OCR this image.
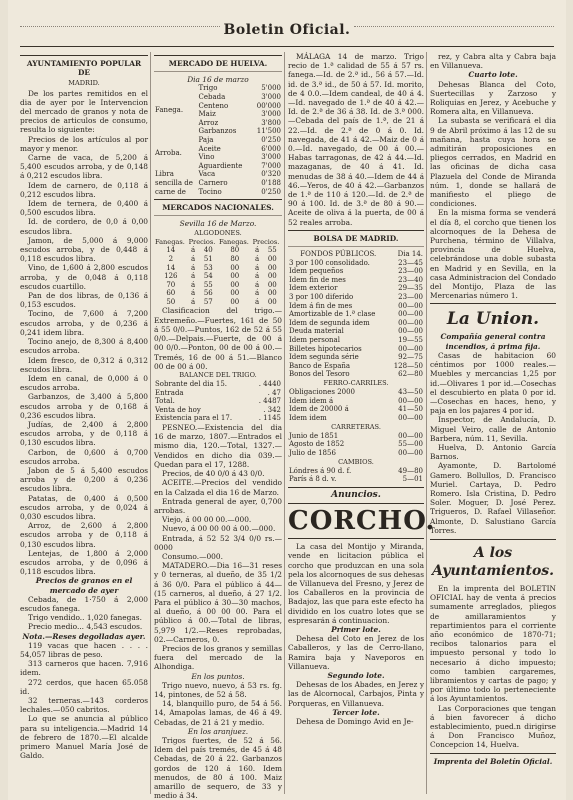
Boletin Oficial.

AYUNTAMIENTO POPULAR DE

MADRID.

De los partes remitidos en el dia de ayer por le Intervencion del mercado de granos y nota de precios de articulos de consumo, resulta lo siguiente:

Precios de los artículos al por mayor y menor.

Carne de vaca, de 5,200 á 5,400 escudos arroba, y de 0,148 á 0,212 escudos libra.

Idem de carnero, de 0,118 á 0,212 escudos libra.

Idem de ternera, de 0,400 á 0,500 escudos libra.

Id. de cordero, de 0,0 á 0,00 escudos libra.

Jamon, de 5,000 á 9,000 escudos arroba, y de 0,448 á 0,118 escudos libra.

Vino, de 1,600 á 2,800 escudos arroba, y de 0,048 á 0,118 escudos cuartillo.

Pan de dos libras, de 0,136 á 0,153 escudos.

Tocino, de 7,600 á 7,200 escudos arroba, y de 0,236 á 0,241 idem libra.

Tocino anejo, de 8,300 á 8,400 escudos arroba.

Idem fresco, de 0,312 á 0,312 escudos libra.

Idem en canal, de 0,000 á 0 escudos arroba.

Garbanzos, de 3,400 á 5,800 escudos arroba y de 0,168 á 0,236 escudos libra.

Judías, de 2,400 á 2,800 escudos arroba, y de 0,118 á 0,130 escudos libra.

Carbon, de 0,600 á 0,700 escudos arroba.

Jabon de 5 á 5,400 escudos arroba y de 0,200 á 0,236 escudos libra.

Patatas, de 0,400 á 0,500 escudos arroba, y de 0,024 á 0,030 escudos libra.

Arroz, de 2,600 á 2,800 escudos arroba y de 0,118 á 0,130 escudos libra.

Lentejas, de 1,800 á 2,000 escudos arroba, y de 0,096 á 0,118 escudos libra.

Precios de granos en el mercado de ayer

Cebada, de 1·750 á 2,000 escudos fanega.

Trigo vendido.. 1,020 fanegas.

Precio medio... 4,543 escudos.

Nota.—Reses degolladas ayer.

119 vacas que hacen . . . . 54,057 libras de peso.

313 carneros que hacen. 7,916 idem.

272 cerdos, que hacen 65.058 id.

32 terneras.—143 corderos lechales.—050 cabritos.

Lo que se anuncia al público para su inteligencia.—Madrid 14 de febrero de 1870.—El alcalde primero Manuel María José de Galdo.

MERCADO DE HUELVA.

Dia 16 de marzo

Fanega.	Trigo	5'000
	Cebada	3'000
	Centeno	00'000
	Maiz	3'000
	Arroz	3'800
	Garbanzos	11'500
Arroba.	Paja	0'250
	Aceite	6'000
	Vino	3'000
	Aguardiente	7'000
Libra sencilla de carne de	Vaca	0'320
	Carnero	0'188
	Tocino	0'250

MERCADOS NACIONALES.

Sevilla 16 de Marzo.

ALGODONES.

Fanegas.	Precios.		Fanegas.	Precios.	
14	á	40	80	á	55
2	á	51	80	á	00
14	á	53	00	á	00
126	á	54	00	á	00
70	á	55	00	á	00
60	á	56	00	á	00
50	á	57	00	á	00

Clasificacion del trigo.—Extremeño.—Fuertes, 161 de 50 á 55 0/0.—Puntos, 162 de 52 á 55 0/0.—Delpais.—Fuerte, de 00 á 00 0/0.—Ponton, 00 de 00 á 00.—Tremés, 16 de 00 á 51.—Blanco 00 de 00 á 00.

BALANCE DEL TRIGO.

Sobrante del dia 15.	. 4440
Entrada	. 47
Total.	. 4487
Venta de hoy	. 342
Existencia para el 17.	. 1145

PESNEO.—Existencia del dia 16 de marzo, 1807.—Entrados el mismo dia, 120.—Total, 1327.—Vendidos en dicho dia 039.—Quedan para el 17, 1288.

Precios, de 40 0/0 á 43 0/0.

ACEITE.—Precios del vendido en la Calzada el dia 16 de Marzo.

Entrada general de ayer, 0,700 arrobas.

Viejo, á 00 00 00.—000.

Nuevo, á 00 00 00 á 00.—000.

Entrada, á 52 52 3/4 0/0 rs.—0000

Consumo.—000.

MATADERO.—Dia 16—31 reses y 0 terneras, al dueño, de 35 1/2 á 36 0/0. Para el público á 44—(15 carneros, al dueño, á 27 1/2. Para el público á 30—30 machos, al dueño, á 00 00 00. Para el público á 00.—Total de libras, 5,979 1/2.—Reses reprobadas, 02.—Carneros, 0.

Precios de los granos y semillas fuera del mercado de la Alhondiga.

En los puntos.

Trigo nuevo, nuevo, á 53 rs. fg. 14, pintones, de 52 á 58.

14, blanquillo puro, de 54 á 56. 14, Amapolas lamas, de 46 á 49. Cebadas, de 21 á 21 y medio.

En los aranjuez.

Trigos fuertes, de 52 á 56. Idem del país tremés, de 45 á 48 Cebadas, de 20 á 22. Garbanzos gordos de 120 á 160. Idem menudos, de 80 á 100. Maiz amarillo de sequero, de 33 y medio á 34.

MÁLAGA 14 de marzo. Trigo recio de 1.ª calidad de 55 á 57 rs. fanega.—Id. de 2.ª id., 56 á 57.—Id. id. de 3.ª id., de 50 á 57. Id. morito, de 4 0.0.—Idem candeal, de 40 á 4.—Id. navegado de 1.ª de 40 á 42.—Id. de 2.ª de 36 á 38. Id. de 3.ª 000.—Cebada del país de 1.ª, de 21 á 22.—Id. de 2.ª de 0 á 0. Id. navegada, de 41 á 42.—Maiz de 0 á 0.—Id. navegado, de 00 á 00.—Habas tarragonas, de 42 á 44.—Id. mazaganas, de 40 á 41. Id. menudas de 38 á 40.—Idem de 44 á 46.—Yeros, de 40 á 42.—Garbanzos de 1.ª de 110 á 120.—Id. de 2.ª de 90 á 100. Id. de 3.ª de 80 á 90.—Aceite de oliva á la puerta, de 00 á 52 reales arroba.

BOLSA DE MADRID.

FONDOS PÚBLICOS.	Dia 14.
3 por 100 consolidado.	23—45
Idem pequeños	23—00
Idem fin de mes	23—40
Idem exterior	29—35
3 por 100 diferido	23—00
Idem á fin de mes	00—00
Amortizable de 1.ª clase	00—00
Idem de segunda idem	00—00
Deuda material	00—00
Idem personal	19—55
Billetes hipotecarios	00—00
Idem segunda série	92—75
Banco de España	128—50
Bonos del Tesoro	62—80

FERRO-CARRILES.

Obligaciones 2000	43—50
Idem idem á	00—00
Idem de 20000 á	41—50
Idem idem	00—00

CARRETERAS.

Junio de 1851	00—00
Agosto de 1852	55—00
Julio de 1856	00—00

CAMBIOS.

Lóndres á 90 d. f.	49—80
París á 8 d. v.	5—01

Anuncios.

CORCHO.

La casa del Montijo y Miranda, vende en licitacion pública el corcho que produzcan en una sola pela los alcornoques de sus dehesas de Villanueva del Fresno, y Jerez de los Caballeros en la provincia de Badajoz, las que para este efecto ha dividido en los cuatro lotes que se espresarán á continuacion.

Primer lote.

Dehesa del Coto en Jerez de los Caballeros, y las de Cerro-llano, Ramira baja y Naveporos en Villanueva.

Segundo lote.

Dehesas de los Abades, en Jerez y las de Alcornocal, Carbajos, Pinta y Porqueras, en Villanueva.

Tercer lote.

Dehesa de Domingo Avid en Je-

rez, y Cabra alta y Cabra baja en Villanueva.

Cuarto lote.

Dehesas Blanca del Coto, Suertecillas y Zarzoso y Roliquias en Jerez, y Acebuche y Romera alta, en Villanueva.

La subasta se verificará el dia 9 de Abril próximo á las 12 de su mañana, hasta cuya hora se admitirán proposiciones en pliegos cerrados, en Madrid en las oficinas de dicha casa Plazuela del Conde de Miranda núm. 1, donde se hallará de manifiesto el pliego de condiciones.

En la misma forma se venderá el día 8, el corcho que tienen los alcornoques de la Dehesa de Purchena, término de Villalva, provincia de Huelva, celebrándose una doble subasta en Madrid y en Sevilla, en la casa Administracion del Condado del Montijo, Plaza de las Mercenarias número 1.

La Union.

Compañía general contra incendios, á prima fija.

Casas de habitacion 60 céntimos por 1000 reales.—Muebles y mercancias 1,25 por id.—Olivares 1 por id.—Cosechas el descubierto en plata 0 por id.—Cosechas en haces, heno, y paja en los pajares 4 por id.

Inspector, de Andalucía, D. Miguel Veiro, calle de Antonio Barbera, núm. 11, Sevilla.

Huelva, D. Antonio García Barnos.

Ayamonte, D. Bartolomé Gamero. Bollullos, D. Francisco Muriel. Cartaya, D. Pedro Romero. Isla Cristina, D. Pedro Soler. Moguer, D. José Perez. Trigueros, D. Rafael Villaseñor. Almonte, D. Salustiano García Torres.

A los Ayuntamientos.

En la imprenta del BOLETIN OFICIAL hay de venta á precios sumamente arreglados, pliegos de amillaramientos y repartimientos para el corriente año económico de 1870-71; recibos talonarios para el impuesto personal y todo lo necesario á dicho impuesto; como tambien cargaremes, libramientos y cartas de pago; y por último todo lo perteneciente á los Ayuntamientos.

Las Corporaciones que tengan á bien favorecer á dicho establecimiento, pued.n dirigirse á Don Francisco Muñoz, Concepcion 14, Huelva.

Imprenta del Boletín Oficial.
